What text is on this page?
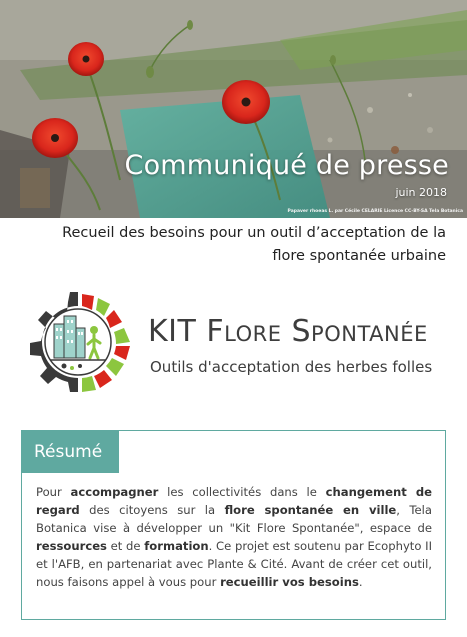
Communiqué de presse
juin 2018
Papaver rhoeas L. par Cécile CELARIE Licence CC-BY-SA Tela Botanica
Recueil des besoins pour un outil d’acceptation de la
flore spontanée urbaine
KIT Flore Spontanée
Outils d'acceptation des herbes folles
Résumé

Pour accompagner les collectivités dans le changement de regard des citoyens sur la flore spontanée en ville, Tela Botanica vise à développer un "Kit Flore Spontanée", espace de ressources et de formation. Ce projet est soutenu par Ecophyto II et l'AFB, en partenariat avec Plante & Cité. Avant de créer cet outil, nous faisons appel à vous pour recueillir vos besoins.
